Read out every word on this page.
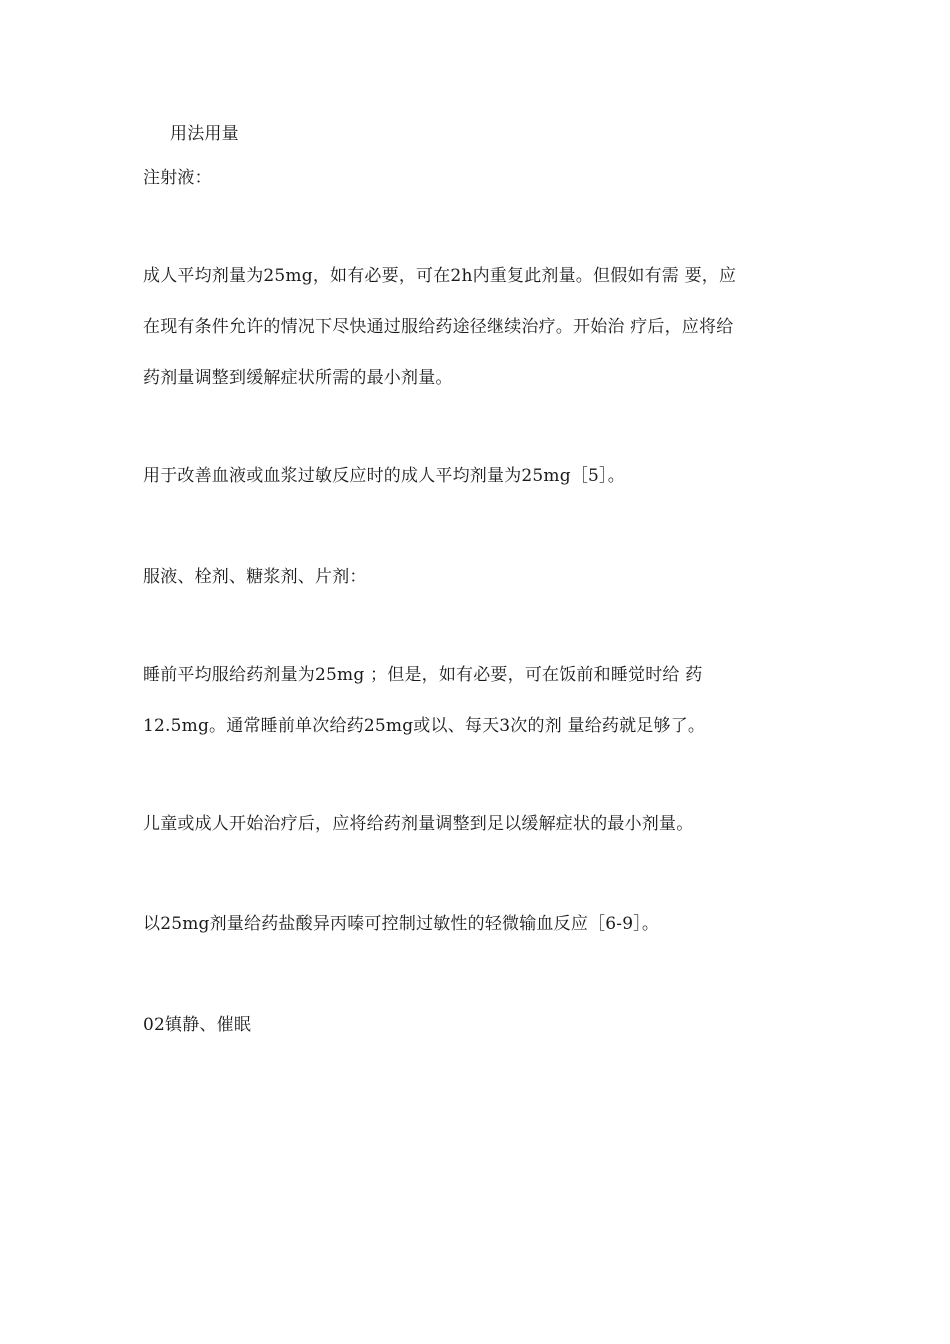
用法用量

注射液：

成人平均剂量为25mg，如有必要，可在2h内重复此剂量。但假如有需 要，应

在现有条件允许的情况下尽快通过服给药途径继续治疗。开始治 疗后，应将给

药剂量调整到缓解症状所需的最小剂量。

用于改善血液或血浆过敏反应时的成人平均剂量为25mg［5］。

服液、栓剂、糖浆剂、片剂：

睡前平均服给药剂量为25mg ；但是，如有必要，可在饭前和睡觉时给 药

12.5mg。通常睡前单次给药25mg或以、每天3次的剂 量给药就足够了。

儿童或成人开始治疗后，应将给药剂量调整到足以缓解症状的最小剂量。

以25mg剂量给药盐酸异丙嗪可控制过敏性的轻微输血反应［6-9］。

02镇静、催眠
